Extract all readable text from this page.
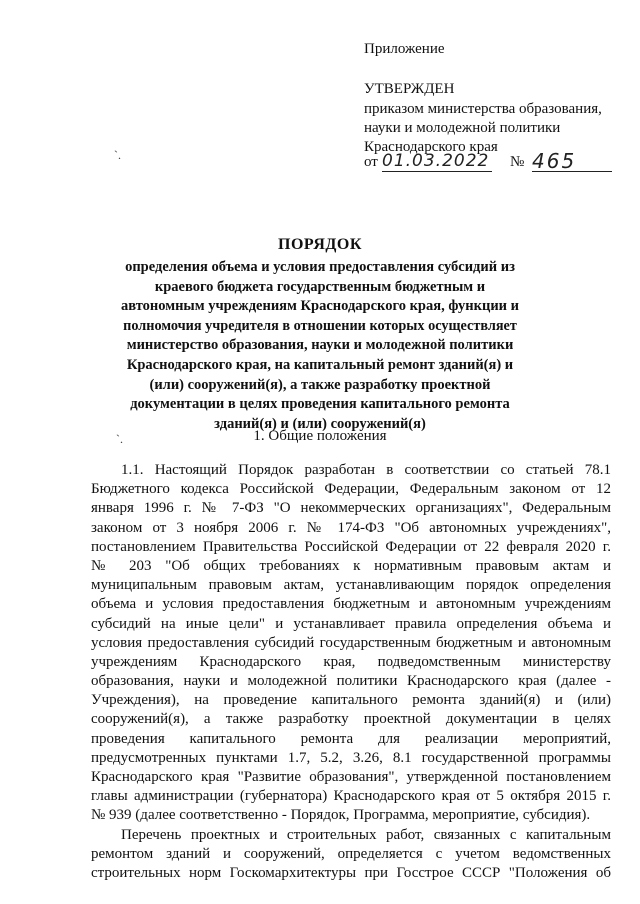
Приложение
УТВЕРЖДЕН
приказом министерства образования,
науки и молодежной политики
Краснодарского края
от 01.03.2022 № 465
`.
`.
ПОРЯДОК
определения объема и условия предоставления субсидий из
краевого бюджета государственным бюджетным и
автономным учреждениям Краснодарского края, функции и
полномочия учредителя в отношении которых осуществляет
министерство образования, науки и молодежной политики
Краснодарского края, на капитальный ремонт зданий(я) и
(или) сооружений(я), а также разработку проектной
документации в целях проведения капитального ремонта
зданий(я) и (или) сооружений(я)
1. Общие положения
1.1. Настоящий Порядок разработан в соответствии со статьей 78.1
Бюджетного кодекса Российской Федерации, Федеральным законом от 12
января 1996 г. № 7-ФЗ "О некоммерческих организациях", Федеральным
законом от 3 ноября 2006 г. № 174-ФЗ "Об автономных учреждениях",
постановлением Правительства Российской Федерации от 22 февраля 2020 г.
№ 203 "Об общих требованиях к нормативным правовым актам и
муниципальным правовым актам, устанавливающим порядок определения
объема и условия предоставления бюджетным и автономным учреждениям
субсидий на иные цели" и устанавливает правила определения объема и
условия предоставления субсидий государственным бюджетным и автономным
учреждениям Краснодарского края, подведомственным министерству
образования, науки и молодежной политики Краснодарского края (далее -
Учреждения), на проведение капитального ремонта зданий(я) и (или)
сооружений(я), а также разработку проектной документации в целях
проведения капитального ремонта для реализации мероприятий,
предусмотренных пунктами 1.7, 5.2, 3.26, 8.1 государственной программы
Краснодарского края "Развитие образования", утвержденной постановлением
главы администрации (губернатора) Краснодарского края от 5 октября 2015 г.
№ 939 (далее соответственно - Порядок, Программа, мероприятие, субсидия).
Перечень проектных и строительных работ, связанных с капитальным
ремонтом зданий и сооружений, определяется с учетом ведомственных
строительных норм Госкомархитектуры при Госстрое СССР "Положения об
